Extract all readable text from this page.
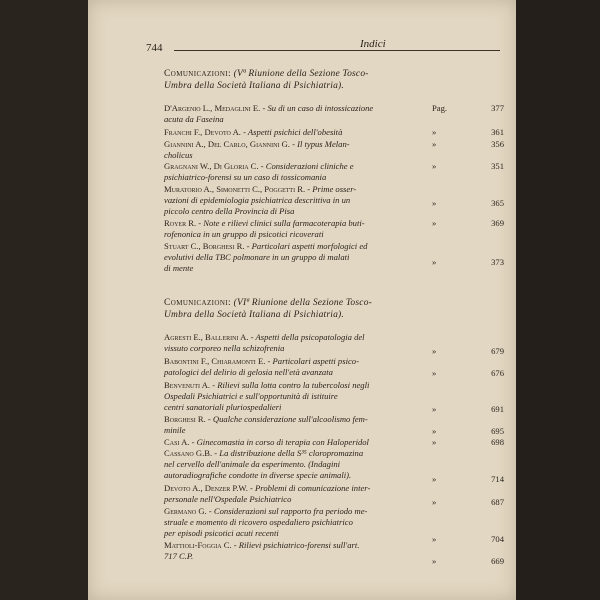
744	Indici
Comunicazioni: (Vª Riunione della Sezione Tosco-
Umbra della Società Italiana di Psichiatria).
D'Argenio L., Medaglini E. - Su di un caso di intossicazione
acuta da Faseina
Pag.	377
Franchi F., Devoto A. - Aspetti psichici dell'obesità	»	361
Giannini A., Del Carlo, Giannini G. - Il typus Melan-
cholicus
»	356
Gragnani W., Di Gloria C. - Considerazioni cliniche e
psichiatrico-forensi su un caso di tossicomania
»	351
Muratorio A., Simonetti C., Poggetti R. - Prime osser-
vazioni di epidemiologia psichiatrica descrittiva in un
piccolo centro della Provincia di Pisa
»	365
Royer R. - Note e rilievi clinici sulla farmacoterapia buti-
rofenonica in un gruppo di psicotici ricoverati
»	369
Stuart C., Borghesi R. - Particolari aspetti morfologici ed
evolutivi della TBC polmonare in un gruppo di malati
di mente
»	373
Comunicazioni: (VIª Riunione della Sezione Tosco-
Umbra della Società Italiana di Psichiatria).
Agresti E., Ballerini A. - Aspetti della psicopatologia del
vissuto corporeo nella schizofrenia	»	679
Babontini F., Chiaramonti E. - Particolari aspetti psico-
patologici del delirio di gelosia nell'età avanzata	»	676
Benvenuti A. - Rilievi sulla lotta contro la tubercolosi negli
Ospedali Psichiatrici e sull'opportunità di istituire
centri sanatoriali pluriospedalieri	»	691
Borghesi R. - Qualche considerazione sull'alcoolismo fem-
minile	»	695
Casi A. - Ginecomastia in corso di terapia con Haloperidol	»	698
Cassano G.B. - La distribuzione della S³⁵ cloropromazina
nel cervello dell'animale da esperimento. (Indagini
autoradiografiche condotte in diverse specie animali).	»	714
Devoto A., Denzer P.W. - Problemi di comunicazione inter-
personale nell'Ospedale Psichiatrico	»	687
Germano G. - Considerazioni sul rapporto fra periodo me-
struale e momento di ricovero ospedaliero psichiatrico
per episodi psicotici acuti recenti
»	704
Mattioli-Foggia C. - Rilievi psichiatrico-forensi sull'art.
717 C.P.
»	669
